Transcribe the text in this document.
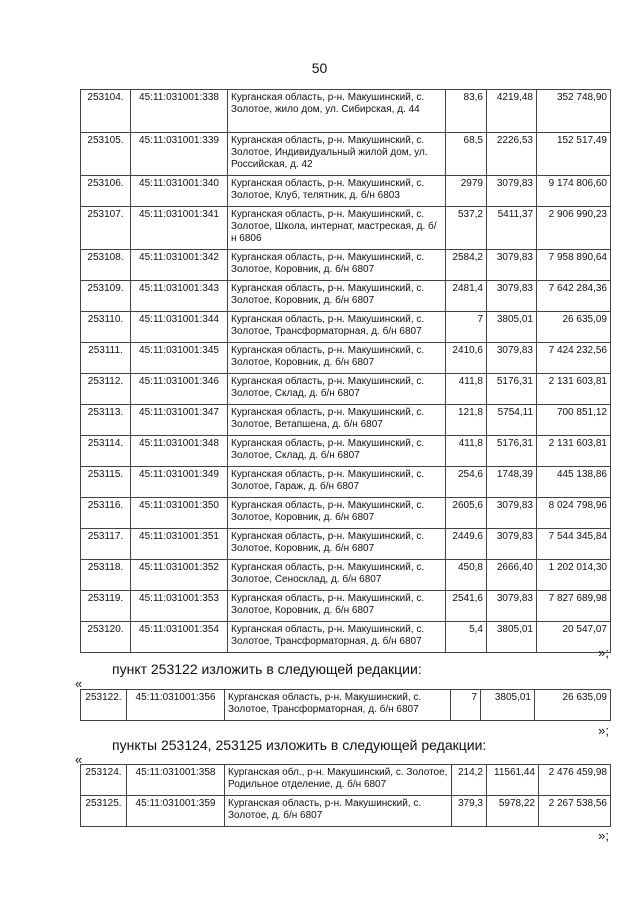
50
253104.	45:11:031001:338	Курганская область, р-н. Макушинский, с. Золотое, жило дом, ул. Сибирская, д. 44	83,6	4219,48	352 748,90
253105.	45:11:031001:339	Курганская область, р-н. Макушинский, с. Золотое, Индивидуальный жилой дом, ул. Российская, д. 42	68,5	2226,53	152 517,49
253106.	45:11:031001:340	Курганская область, р-н. Макушинский, с. Золотое, Клуб, телятник, д. б/н 6803	2979	3079,83	9 174 806,60
253107.	45:11:031001:341	Курганская область, р-н. Макушинский, с. Золотое, Школа, интернат, мастреская, д. б/н 6806	537,2	5411,37	2 906 990,23
253108.	45:11:031001:342	Курганская область, р-н. Макушинский, с. Золотое, Коровник, д. б/н 6807	2584,2	3079,83	7 958 890,64
253109.	45:11:031001:343	Курганская область, р-н. Макушинский, с. Золотое, Коровник, д. б/н 6807	2481,4	3079,83	7 642 284,36
253110.	45:11:031001:344	Курганская область, р-н. Макушинский, с. Золотое, Трансформаторная, д. б/н 6807	7	3805,01	26 635,09
253111.	45:11:031001:345	Курганская область, р-н. Макушинский, с. Золотое, Коровник, д. б/н 6807	2410,6	3079,83	7 424 232,56
253112.	45:11:031001:346	Курганская область, р-н. Макушинский, с. Золотое, Склад, д. б/н 6807	411,8	5176,31	2 131 603,81
253113.	45:11:031001:347	Курганская область, р-н. Макушинский, с. Золотое, Ветапшена, д. б/н 6807	121,8	5754,11	700 851,12
253114.	45:11:031001:348	Курганская область, р-н. Макушинский, с. Золотое, Склад, д. б/н 6807	411,8	5176,31	2 131 603,81
253115.	45:11:031001:349	Курганская область, р-н. Макушинский, с. Золотое, Гараж, д. б/н 6807	254,6	1748,39	445 138,86
253116.	45:11:031001:350	Курганская область, р-н. Макушинский, с. Золотое, Коровник, д. б/н 6807	2605,6	3079,83	8 024 798,96
253117.	45:11:031001:351	Курганская область, р-н. Макушинский, с. Золотое, Коровник, д. б/н 6807	2449,6	3079,83	7 544 345,84
253118.	45:11:031001:352	Курганская область, р-н. Макушинский, с. Золотое, Сеносклад, д. б/н 6807	450,8	2666,40	1 202 014,30
253119.	45:11:031001:353	Курганская область, р-н. Макушинский, с. Золотое, Коровник, д. б/н 6807	2541,6	3079,83	7 827 689,98
253120.	45:11:031001:354	Курганская область, р-н. Макушинский, с. Золотое, Трансформаторная, д. б/н 6807	5,4	3805,01	20 547,07
»;
пункт 253122 изложить в следующей редакции:
«
253122.	45:11:031001:356	Курганская область, р-н. Макушинский, с. Золотое, Трансформаторная, д. б/н 6807	7	3805,01	26 635,09
»;
пункты 253124, 253125 изложить в следующей редакции:
«
253124.	45:11:031001:358	Курганская обл., р-н. Макушинский, с. Золотое, Родильное отделение, д. б/н 6807	214,2	11561,44	2 476 459,98
253125.	45:11:031001:359	Курганская область, р-н. Макушинский, с. Золотое, д. б/н 6807	379,3	5978,22	2 267 538,56
»;
